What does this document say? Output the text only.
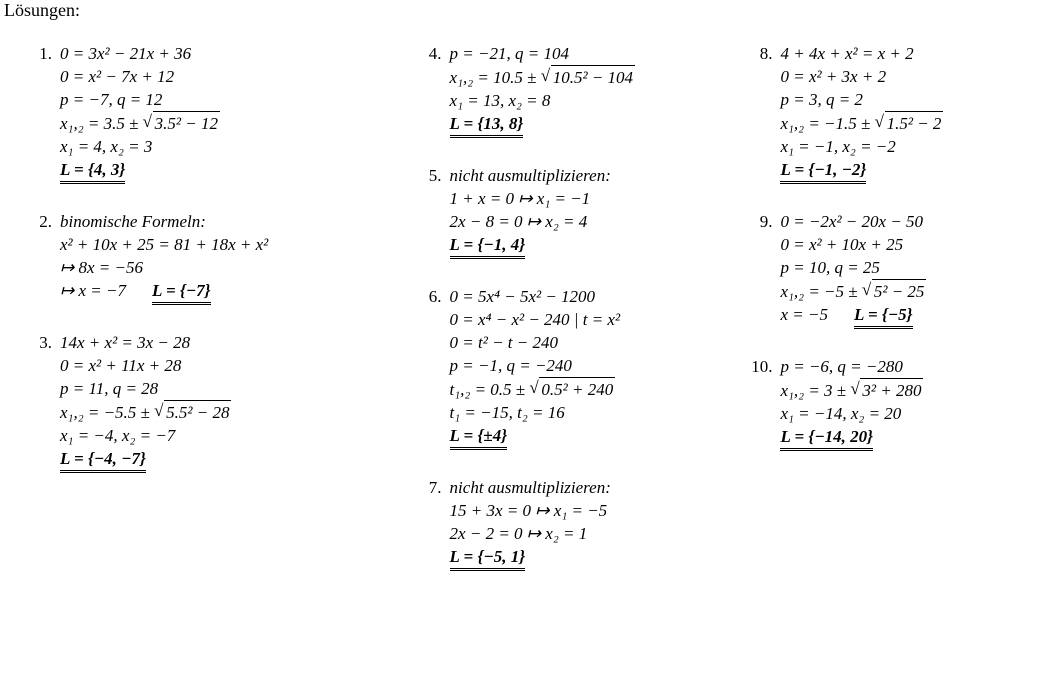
Lösungen:
1. 0 = 3x² − 21x + 36
0 = x² − 7x + 12
p = −7, q = 12
x₁,₂ = 3.5 ± √ 3.5² − 12
x₁ = 4, x₂ = 3
L = {4, 3}
2. binomische Formeln:
x² + 10x + 25 = 81 + 18x + x²
↦ 8x = −56
↦ x = −7 L = {−7}
3. 14x + x² = 3x − 28
0 = x² + 11x + 28
p = 11, q = 28
x₁,₂ = −5.5 ± √ 5.5² − 28
x₁ = −4, x₂ = −7
L = {−4, −7}
4. p = −21, q = 104
x₁,₂ = 10.5 ± √ 10.5² − 104
x₁ = 13, x₂ = 8
L = {13, 8}
5. nicht ausmultiplizieren:
1 + x = 0 ↦ x₁ = −1
2x − 8 = 0 ↦ x₂ = 4
L = {−1, 4}
6. 0 = 5x⁴ − 5x² − 1200
0 = x⁴ − x² − 240 | t = x²
0 = t² − t − 240
p = −1, q = −240
t₁,₂ = 0.5 ± √ 0.5² + 240
t₁ = −15, t₂ = 16
L = {±4}
7. nicht ausmultiplizieren:
15 + 3x = 0 ↦ x₁ = −5
2x − 2 = 0 ↦ x₂ = 1
L = {−5, 1}
8. 4 + 4x + x² = x + 2
0 = x² + 3x + 2
p = 3, q = 2
x₁,₂ = −1.5 ± √ 1.5² − 2
x₁ = −1, x₂ = −2
L = {−1, −2}
9. 0 = −2x² − 20x − 50
0 = x² + 10x + 25
p = 10, q = 25
x₁,₂ = −5 ± √ 5² − 25
x = −5 L = {−5}
10. p = −6, q = −280
x₁,₂ = 3 ± √ 3² + 280
x₁ = −14, x₂ = 20
L = {−14, 20}
